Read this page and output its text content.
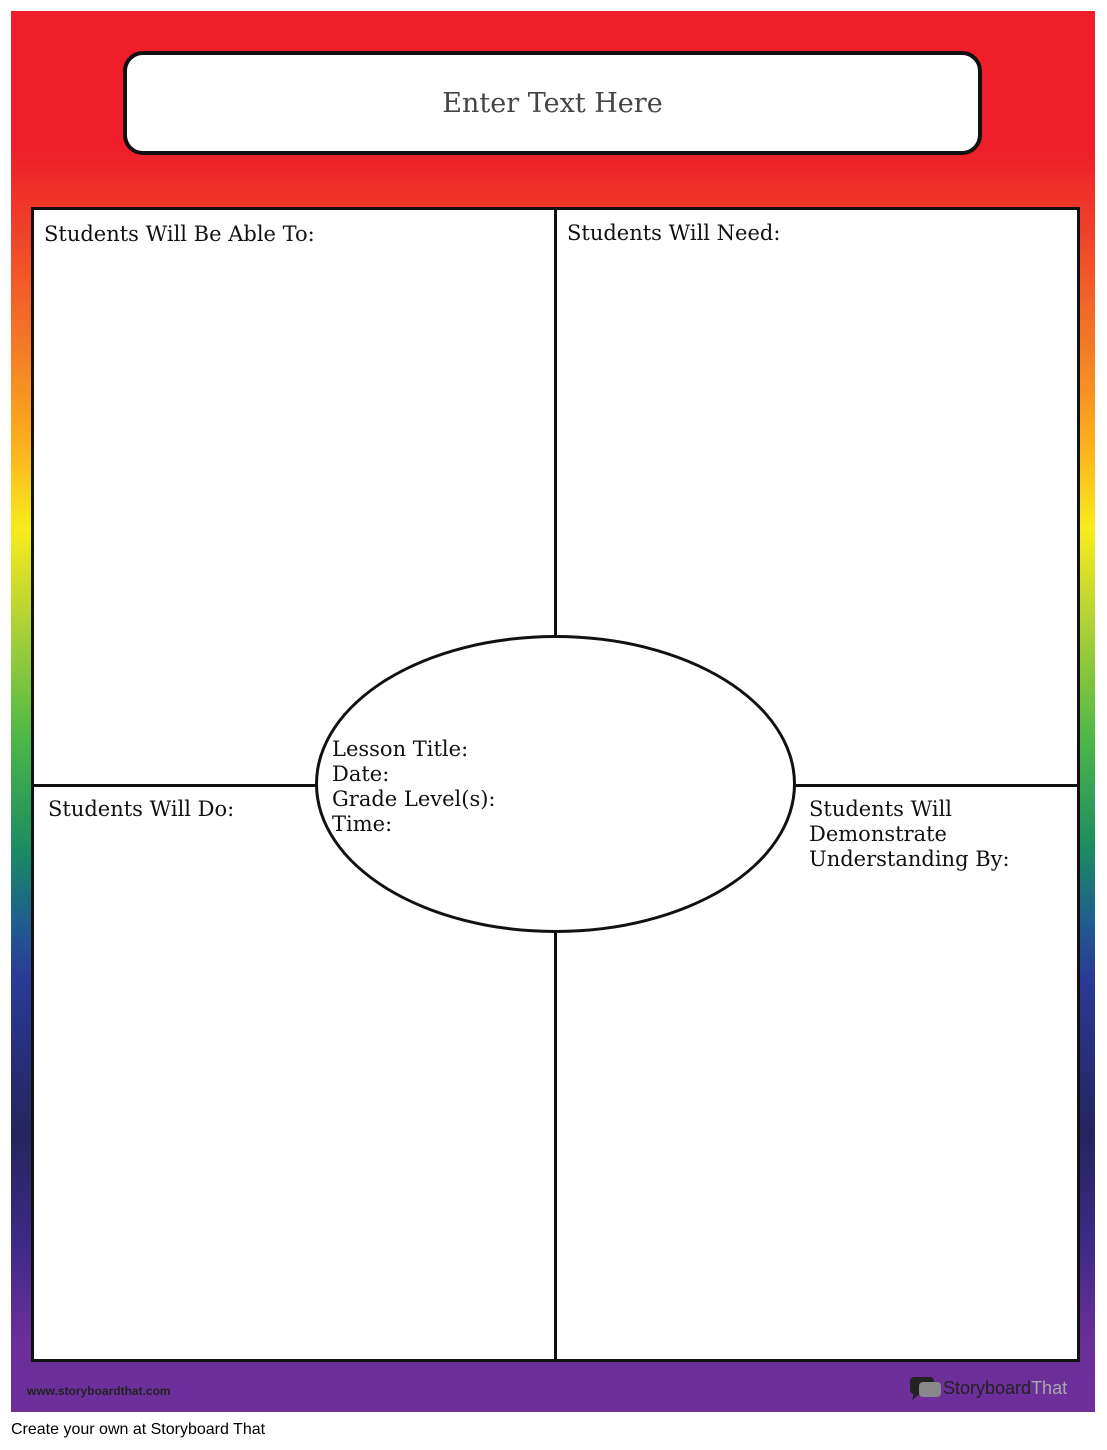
Enter Text Here
Students Will Be Able To:	Students Will Need:
Students Will Do:	Students Will
Demonstrate
Understanding By:
Lesson Title:
Date:
Grade Level(s):
Time:
www.storyboardthat.com	Storyboard That
Create your own at Storyboard That
